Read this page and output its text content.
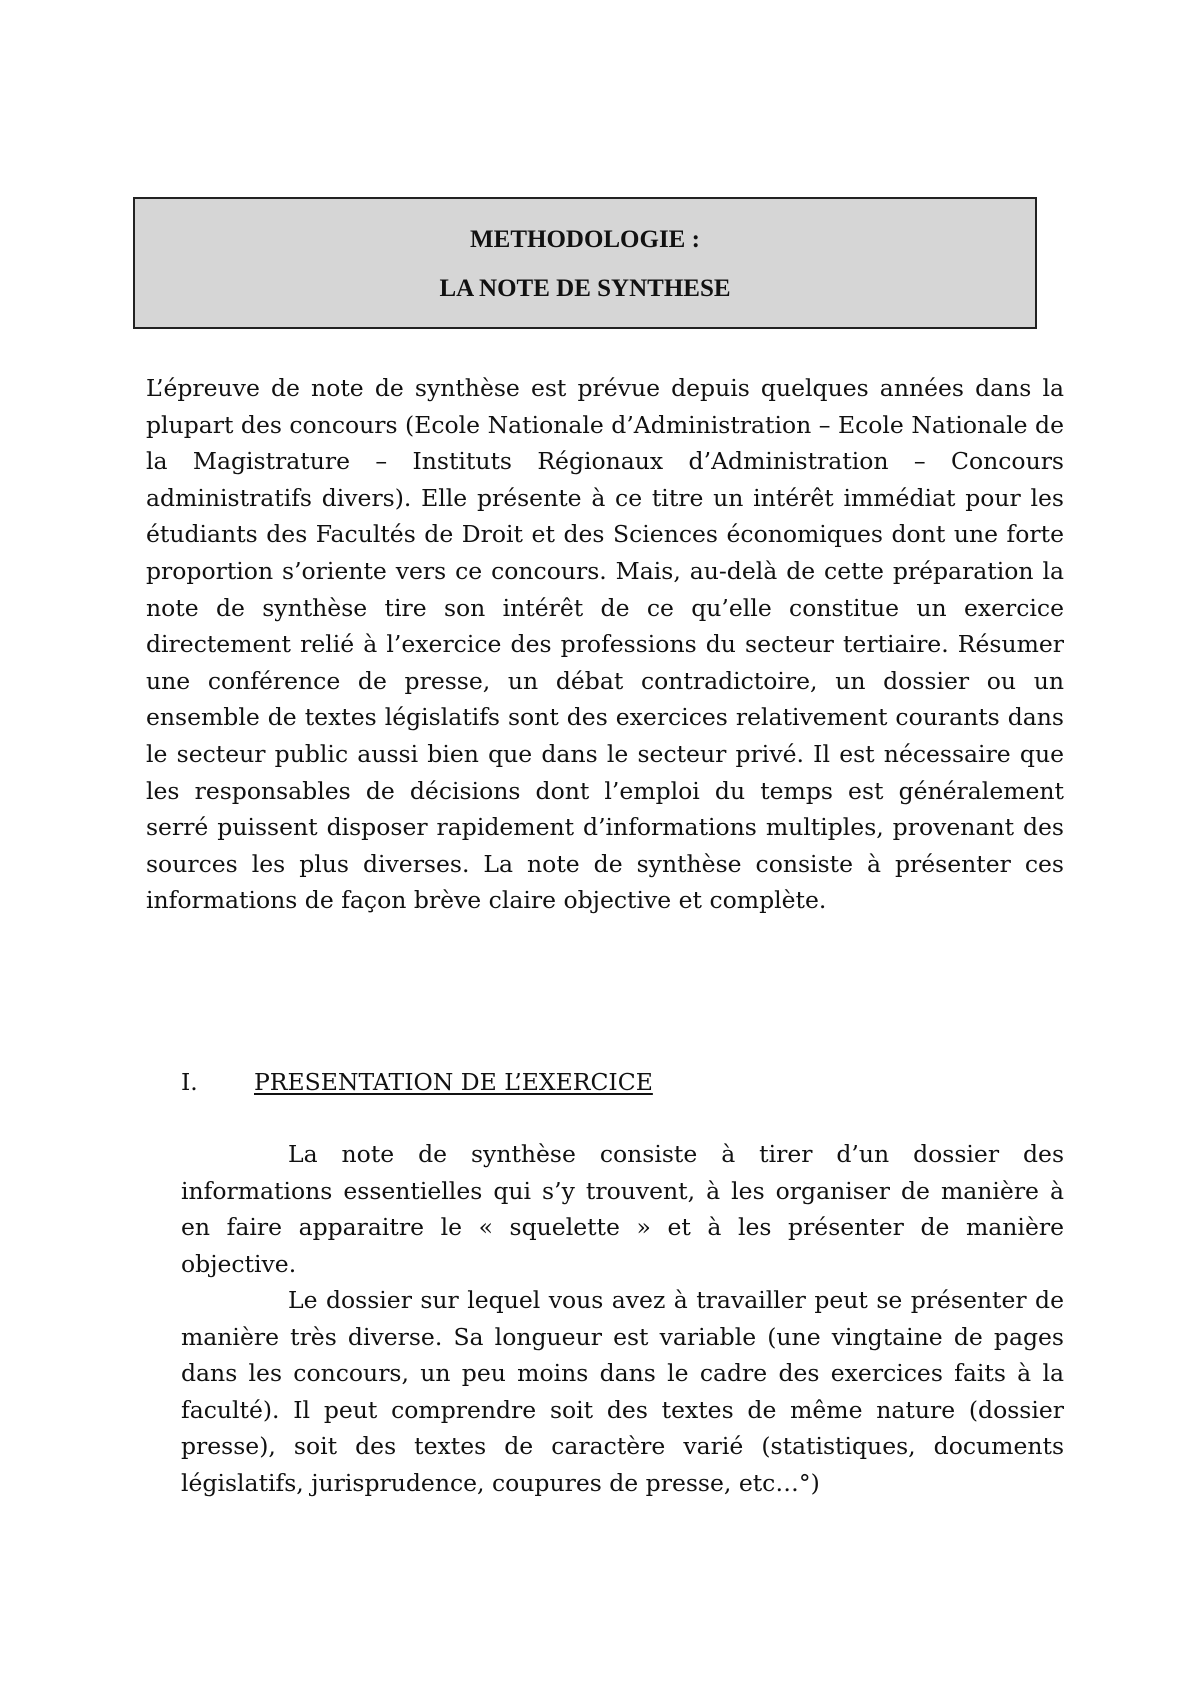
METHODOLOGIE :
LA NOTE DE SYNTHESE

L’épreuve de note de synthèse est prévue depuis quelques années dans la plupart des concours (Ecole Nationale d’Administration – Ecole Nationale de la Magistrature – Instituts Régionaux d’Administration – Concours administratifs divers). Elle présente à ce titre un intérêt immédiat pour les étudiants des Facultés de Droit et des Sciences économiques dont une forte proportion s’oriente vers ce concours. Mais, au-delà de cette préparation la note de synthèse tire son intérêt de ce qu’elle constitue un exercice directement relié à l’exercice des professions du secteur tertiaire. Résumer une conférence de presse, un débat contradictoire, un dossier ou un ensemble de textes législatifs sont des exercices relativement courants dans le secteur public aussi bien que dans le secteur privé. Il est nécessaire que les responsables de décisions dont l’emploi du temps est généralement serré puissent disposer rapidement d’informations multiples, provenant des sources les plus diverses. La note de synthèse consiste à présenter ces informations de façon brève claire objective et complète.

I.	PRESENTATION DE L’EXERCICE

La note de synthèse consiste à tirer d’un dossier des informations essentielles qui s’y trouvent, à les organiser de manière à en faire apparaitre le « squelette » et à les présenter de manière objective.

Le dossier sur lequel vous avez à travailler peut se présenter de manière très diverse. Sa longueur est variable (une vingtaine de pages dans les concours, un peu moins dans le cadre des exercices faits à la faculté). Il peut comprendre soit des textes de même nature (dossier presse), soit des textes de caractère varié (statistiques, documents législatifs, jurisprudence, coupures de presse, etc…°)
